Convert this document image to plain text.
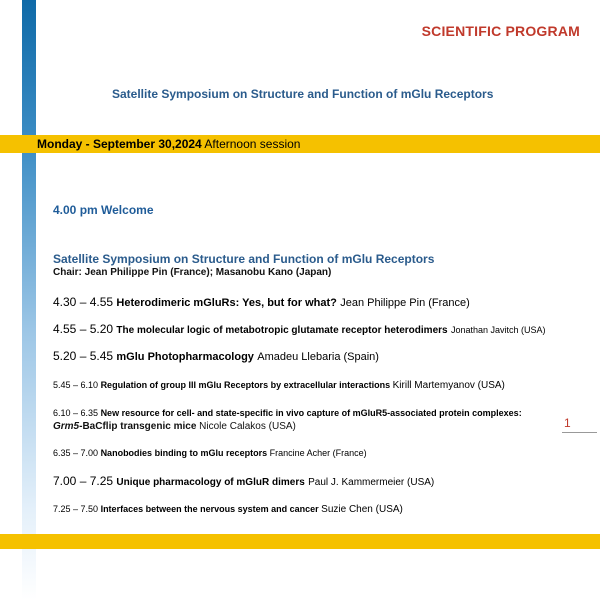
SCIENTIFIC PROGRAM
Satellite Symposium on Structure and Function of mGlu Receptors
Monday - September 30,2024 Afternoon session
4.00 pm Welcome
Satellite Symposium on Structure and Function of mGlu Receptors
Chair: Jean Philippe Pin (France); Masanobu Kano (Japan)
4.30 – 4.55 Heterodimeric mGluRs: Yes, but for what? Jean Philippe Pin (France)
4.55 – 5.20 The molecular logic of metabotropic glutamate receptor heterodimers Jonathan Javitch (USA)
5.20 – 5.45 mGlu Photopharmacology Amadeu Llebaria (Spain)
5.45 – 6.10 Regulation of group III mGlu Receptors by extracellular interactions Kirill Martemyanov (USA)
6.10 – 6.35 New resource for cell- and state-specific in vivo capture of mGluR5-associated protein complexes:
Grm5-BaCflip transgenic mice Nicole Calakos (USA)
6.35 – 7.00 Nanobodies binding to mGlu receptors Francine Acher (France)
7.00 – 7.25 Unique pharmacology of mGluR dimers Paul J. Kammermeier (USA)
7.25 – 7.50 Interfaces between the nervous system and cancer Suzie Chen (USA)
1
